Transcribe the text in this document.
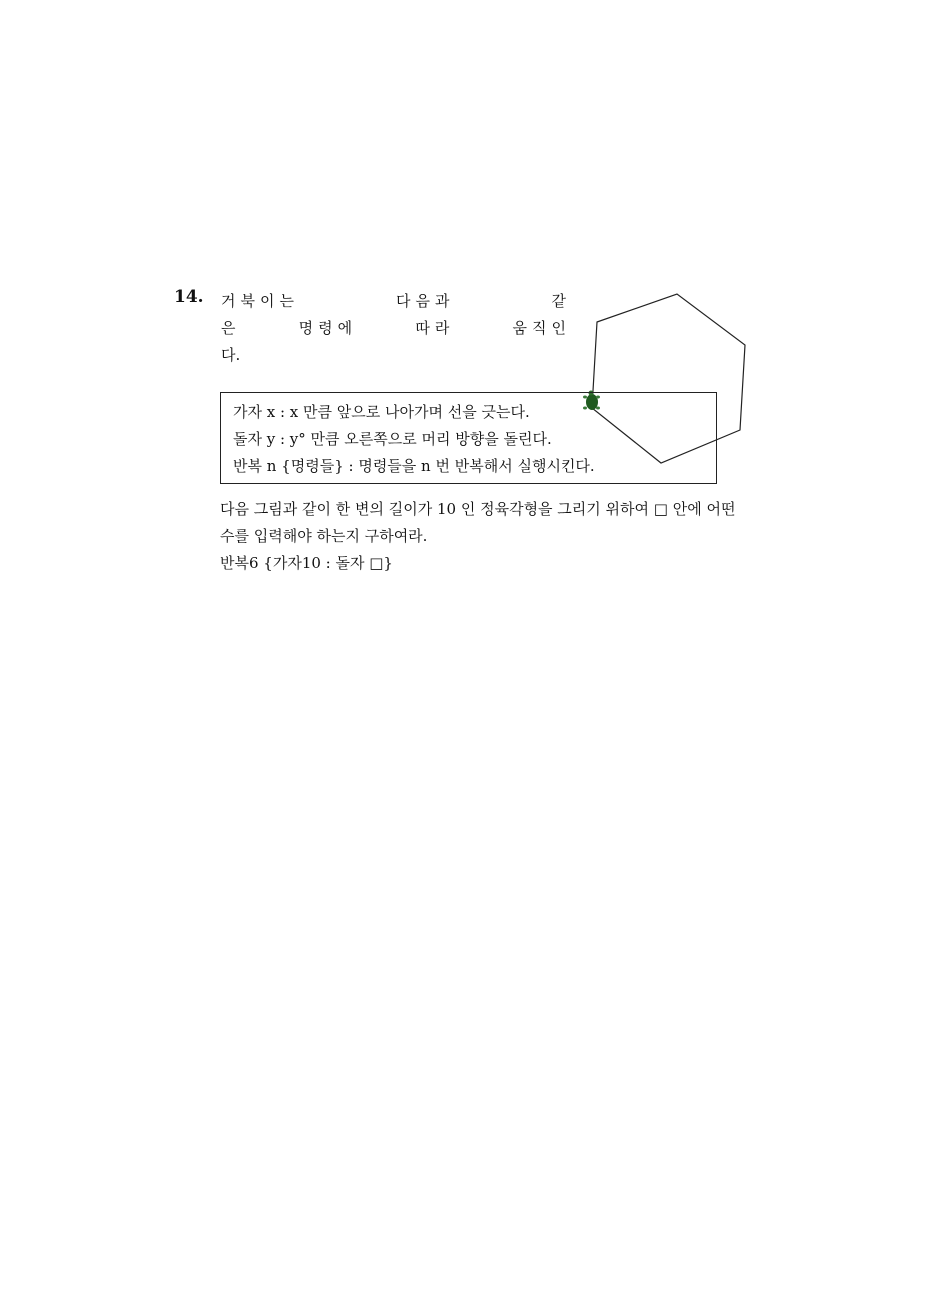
14. 거북이는	다음과	같
은	명령에	따라	움직인
다.
가자 x : x 만큼 앞으로 나아가며 선을 긋는다.
돌자 y : y° 만큼 오른쪽으로 머리 방향을 돌린다.
반복 n {명령들} : 명령들을 n 번 반복해서 실행시킨다.
다음 그림과 같이 한 변의 길이가 10 인 정육각형을 그리기 위하여 □ 안에 어떤
수를 입력해야 하는지 구하여라.
반복6 {가자10 : 돌자 □}
